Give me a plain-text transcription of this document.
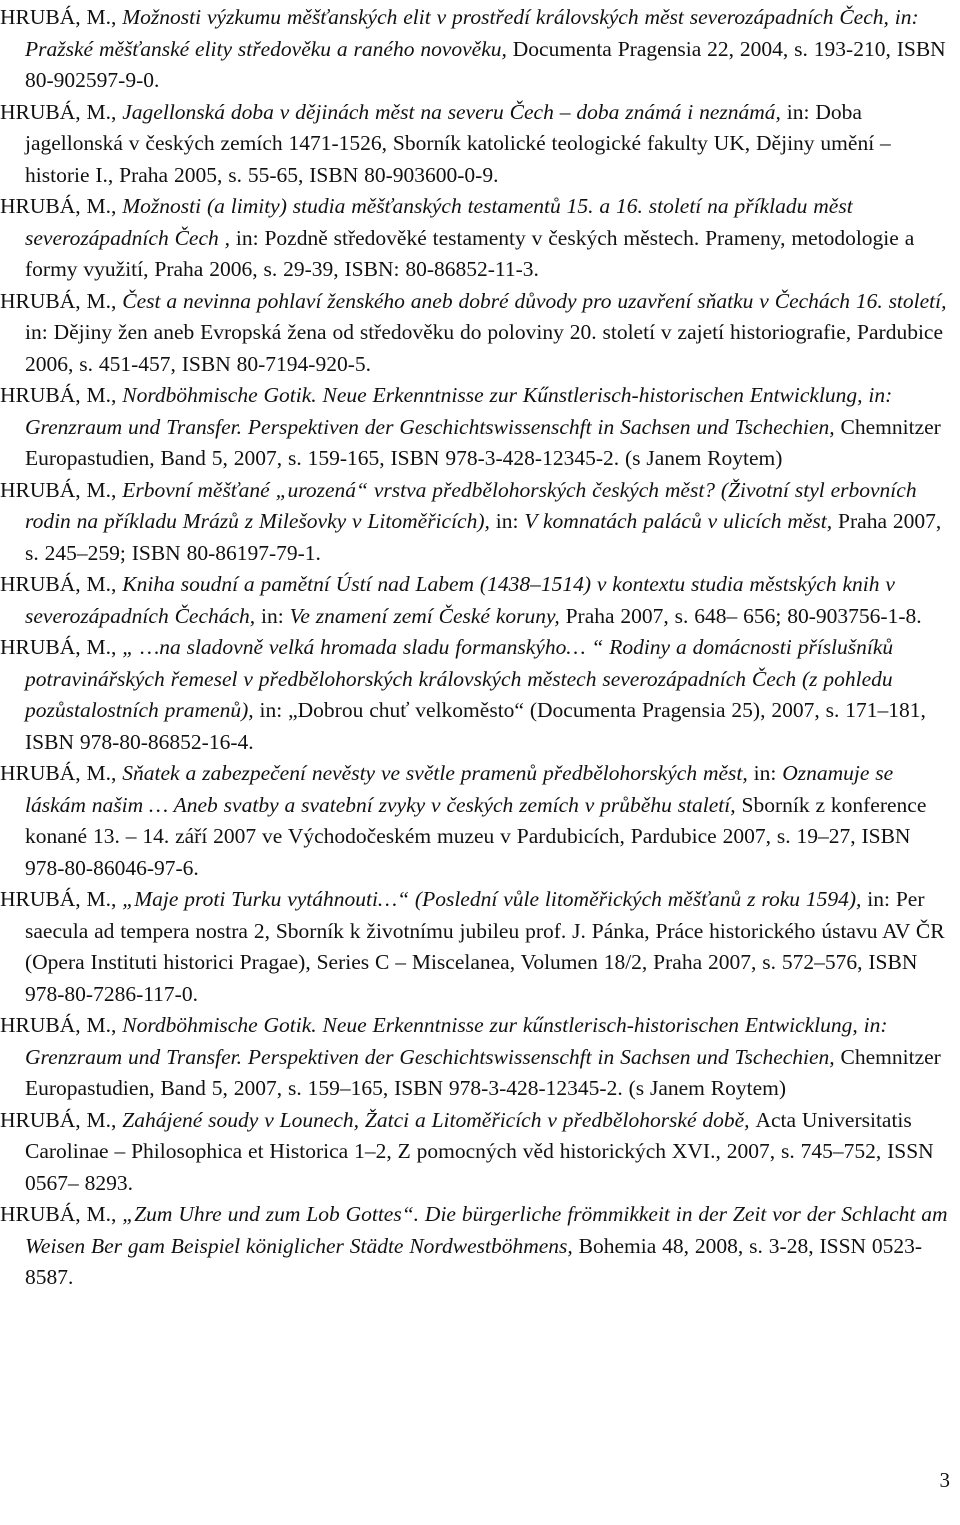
HRUBÁ, M., Možnosti výzkumu měšťanských elit v prostředí královských měst severozápadních Čech, in: Pražské měšťanské elity středověku a raného novověku, Documenta Pragensia 22, 2004, s. 193-210, ISBN 80-902597-9-0.

HRUBÁ, M., Jagellonská doba v dějinách měst na severu Čech – doba známá i neznámá, in: Doba jagellonská v českých zemích 1471-1526, Sborník katolické teologické fakulty UK, Dějiny umění – historie I., Praha 2005, s. 55-65, ISBN 80-903600-0-9.

HRUBÁ, M., Možnosti (a limity) studia měšťanských testamentů 15. a 16. století na příkladu měst severozápadních Čech , in: Pozdně středověké testamenty v českých městech. Prameny, metodologie a formy využití, Praha 2006, s. 29-39, ISBN: 80-86852-11-3.

HRUBÁ, M., Čest a nevinna pohlaví ženského aneb dobré důvody pro uzavření sňatku v Čechách 16. století, in: Dějiny žen aneb Evropská žena od středověku do poloviny 20. století v zajetí historiografie, Pardubice 2006, s. 451-457, ISBN 80-7194-920-5.

HRUBÁ, M., Nordböhmische Gotik. Neue Erkenntnisse zur Kűnstlerisch-historischen Entwicklung, in: Grenzraum und Transfer. Perspektiven der Geschichtswissenschft in Sachsen und Tschechien, Chemnitzer Europastudien, Band 5, 2007, s. 159-165, ISBN 978-3-428-12345-2. (s Janem Roytem)

HRUBÁ, M., Erbovní měšťané „urozená“ vrstva předbělohorských českých měst? (Životní styl erbovních rodin na příkladu Mrázů z Milešovky v Litoměřicích), in: V komnatách paláců v ulicích měst, Praha 2007, s. 245–259; ISBN 80-86197-79-1.

HRUBÁ, M., Kniha soudní a pamětní Ústí nad Labem (1438–1514) v kontextu studia městských knih v severozápadních Čechách, in: Ve znamení zemí České koruny, Praha 2007, s. 648– 656; 80-903756-1-8.

HRUBÁ, M., „ …na sladovně velká hromada sladu formanskýho… “ Rodiny a domácnosti příslušníků potravinářských řemesel v předbělohorských královských městech severozápadních Čech (z pohledu pozůstalostních pramenů), in: „Dobrou chuť velkoměsto“ (Documenta Pragensia 25), 2007, s. 171–181, ISBN 978-80-86852-16-4.

HRUBÁ, M., Sňatek a zabezpečení nevěsty ve světle pramenů předbělohorských měst, in: Oznamuje se láskám našim … Aneb svatby a svatební zvyky v českých zemích v průběhu staletí, Sborník z konference konané 13. – 14. září 2007 ve Východočeském muzeu v Pardubicích, Pardubice 2007, s. 19–27, ISBN 978-80-86046-97-6.

HRUBÁ, M., „Maje proti Turku vytáhnouti…“ (Poslední vůle litoměřických měšťanů z roku 1594), in: Per saecula ad tempera nostra 2, Sborník k životnímu jubileu prof. J. Pánka, Práce historického ústavu AV ČR (Opera Instituti historici Pragae), Series C – Miscelanea, Volumen 18/2, Praha 2007, s. 572–576, ISBN 978-80-7286-117-0.

HRUBÁ, M., Nordböhmische Gotik. Neue Erkenntnisse zur kűnstlerisch-historischen Entwicklung, in: Grenzraum und Transfer. Perspektiven der Geschichtswissenschft in Sachsen und Tschechien, Chemnitzer Europastudien, Band 5, 2007, s. 159–165, ISBN 978-3-428-12345-2. (s Janem Roytem)

HRUBÁ, M., Zahájené soudy v Lounech, Žatci a Litoměřicích v předbělohorské době, Acta Universitatis Carolinae – Philosophica et Historica 1–2, Z pomocných věd historických XVI., 2007, s. 745–752, ISSN 0567– 8293.

HRUBÁ, M., „Zum Uhre und zum Lob Gottes“. Die bürgerliche frömmikkeit in der Zeit vor der Schlacht am Weisen Ber gam Beispiel königlicher Städte Nordwestböhmens, Bohemia 48, 2008, s. 3-28, ISSN 0523-8587.

3
